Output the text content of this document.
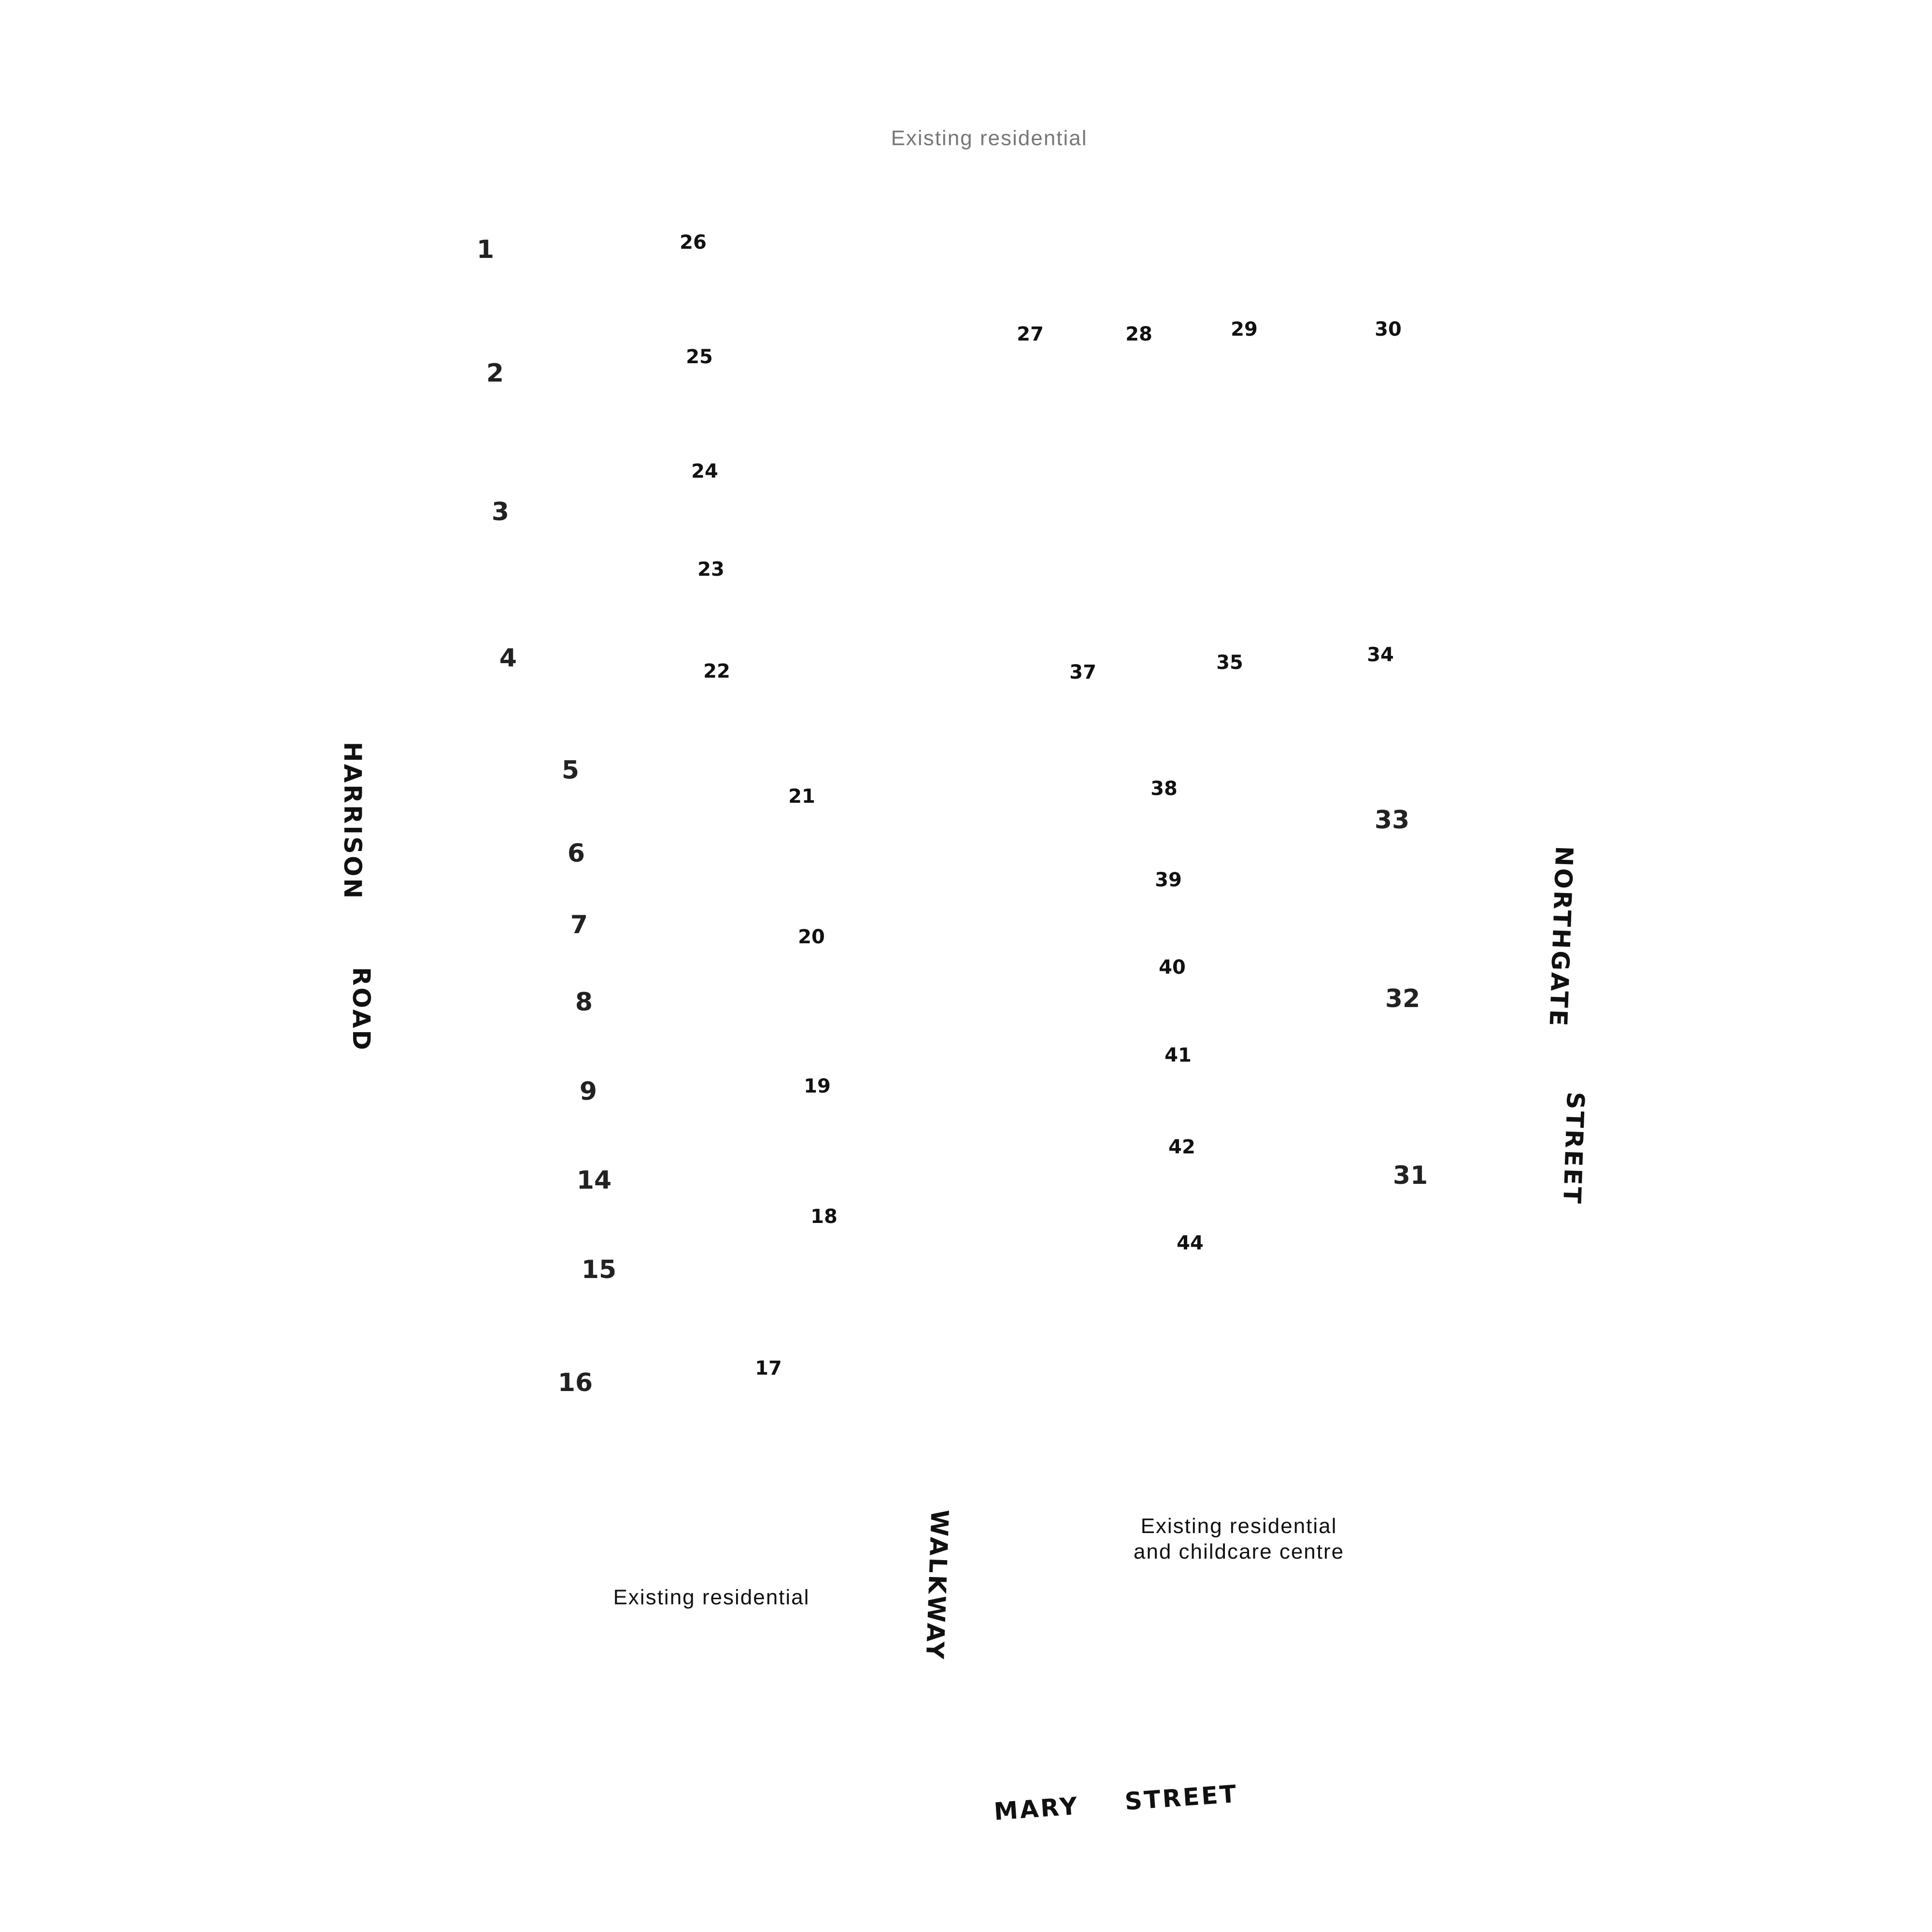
Existing residential
Existing residential
Existing residential
and childcare centre
HARRISON
ROAD	NORTHGATE
STREET
WALKWAY
MARY STREET
1
2
3
4
5
6
7
8
9
14
15
16
26
25
24
23
22
21
20
19
18
17
27	28	29	30
37	35	34
38
39
40
41
42
44
33
32
31
